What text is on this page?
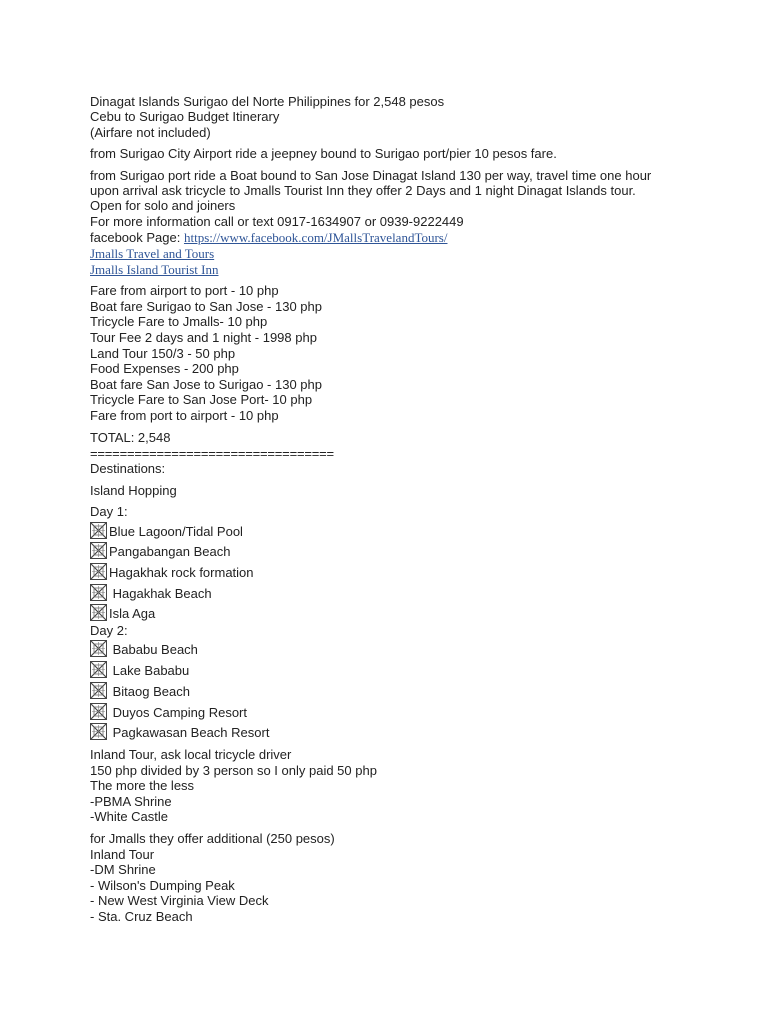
Dinagat Islands Surigao del Norte Philippines for 2,548 pesos
Cebu to Surigao Budget Itinerary
(Airfare not included)
from Surigao City Airport ride a jeepney bound to Surigao port/pier 10 pesos fare.
from Surigao port ride a Boat bound to San Jose Dinagat Island 130 per way, travel time one hour
upon arrival ask tricycle to Jmalls Tourist Inn they offer 2 Days and 1 night Dinagat Islands tour.
Open for solo and joiners
For more information call or text 0917-1634907 or 0939-9222449
facebook Page: https://www.facebook.com/JMallsTravelandTours/
Jmalls Travel and Tours
Jmalls Island Tourist Inn
Fare from airport to port - 10 php
Boat fare Surigao to San Jose - 130 php
Tricycle Fare to Jmalls- 10 php
Tour Fee 2 days and 1 night - 1998 php
Land Tour 150/3 - 50 php
Food Expenses - 200 php
Boat fare San Jose to Surigao - 130 php
Tricycle Fare to San Jose Port- 10 php
Fare from port to airport - 10 php
TOTAL: 2,548
=================================
Destinations:
Island Hopping
Day 1:
Blue Lagoon/Tidal Pool
Pangabangan Beach
Hagakhak rock formation
Hagakhak Beach
Isla Aga
Day 2:
Bababu Beach
Lake Bababu
Bitaog Beach
Duyos Camping Resort
Pagkawasan Beach Resort
Inland Tour, ask local tricycle driver
150 php divided by 3 person so I only paid 50 php
The more the less
-PBMA Shrine
-White Castle
for Jmalls they offer additional (250 pesos)
Inland Tour
-DM Shrine
- Wilson's Dumping Peak
- New West Virginia View Deck
- Sta. Cruz Beach
